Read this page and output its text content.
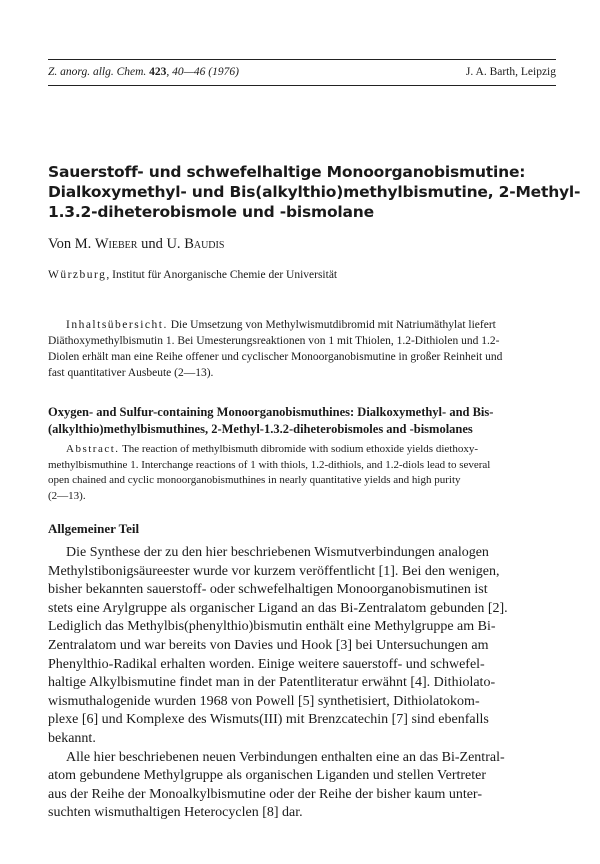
Z. anorg. allg. Chem. 423, 40—46 (1976)	J. A. Barth, Leipzig
Sauerstoff- und schwefelhaltige Monoorganobismutine:
Dialkoxymethyl- und Bis(alkylthio)methylbismutine, 2-Methyl-
1.3.2-diheterobismole und -bismolane
Von M. Wieber und U. Baudis
Würzburg, Institut für Anorganische Chemie der Universität
Inhaltsübersicht. Die Umsetzung von Methylwismutdibromid mit Natriumäthylat liefert
Diäthoxymethylbismutin 1. Bei Umesterungsreaktionen von 1 mit Thiolen, 1.2-Dithiolen und 1.2-
Diolen erhält man eine Reihe offener und cyclischer Monoorganobismutine in großer Reinheit und
fast quantitativer Ausbeute (2—13).
Oxygen- and Sulfur-containing Monoorganobismuthines: Dialkoxymethyl- and Bis-
(alkylthio)methylbismuthines, 2-Methyl-1.3.2-diheterobismoles and -bismolanes
Abstract. The reaction of methylbismuth dibromide with sodium ethoxide yields diethoxy-
methylbismuthine 1. Interchange reactions of 1 with thiols, 1.2-dithiols, and 1.2-diols lead to several
open chained and cyclic monoorganobismuthines in nearly quantitative yields and high purity
(2—13).
Allgemeiner Teil
Die Synthese der zu den hier beschriebenen Wismutverbindungen analogen
Methylstibonigsäureester wurde vor kurzem veröffentlicht [1]. Bei den wenigen,
bisher bekannten sauerstoff- oder schwefelhaltigen Monoorganobismutinen ist
stets eine Arylgruppe als organischer Ligand an das Bi-Zentralatom gebunden [2].
Lediglich das Methylbis(phenylthio)bismutin enthält eine Methylgruppe am Bi-
Zentralatom und war bereits von Davies und Hook [3] bei Untersuchungen am
Phenylthio-Radikal erhalten worden. Einige weitere sauerstoff- und schwefel-
haltige Alkylbismutine findet man in der Patentliteratur erwähnt [4]. Dithiolato-
wismuthalogenide wurden 1968 von Powell [5] synthetisiert, Dithiolatokom-
plexe [6] und Komplexe des Wismuts(III) mit Brenzcatechin [7] sind ebenfalls
bekannt.
Alle hier beschriebenen neuen Verbindungen enthalten eine an das Bi-Zentral-
atom gebundene Methylgruppe als organischen Liganden und stellen Vertreter
aus der Reihe der Monoalkylbismutine oder der Reihe der bisher kaum unter-
suchten wismuthaltigen Heterocyclen [8] dar.
